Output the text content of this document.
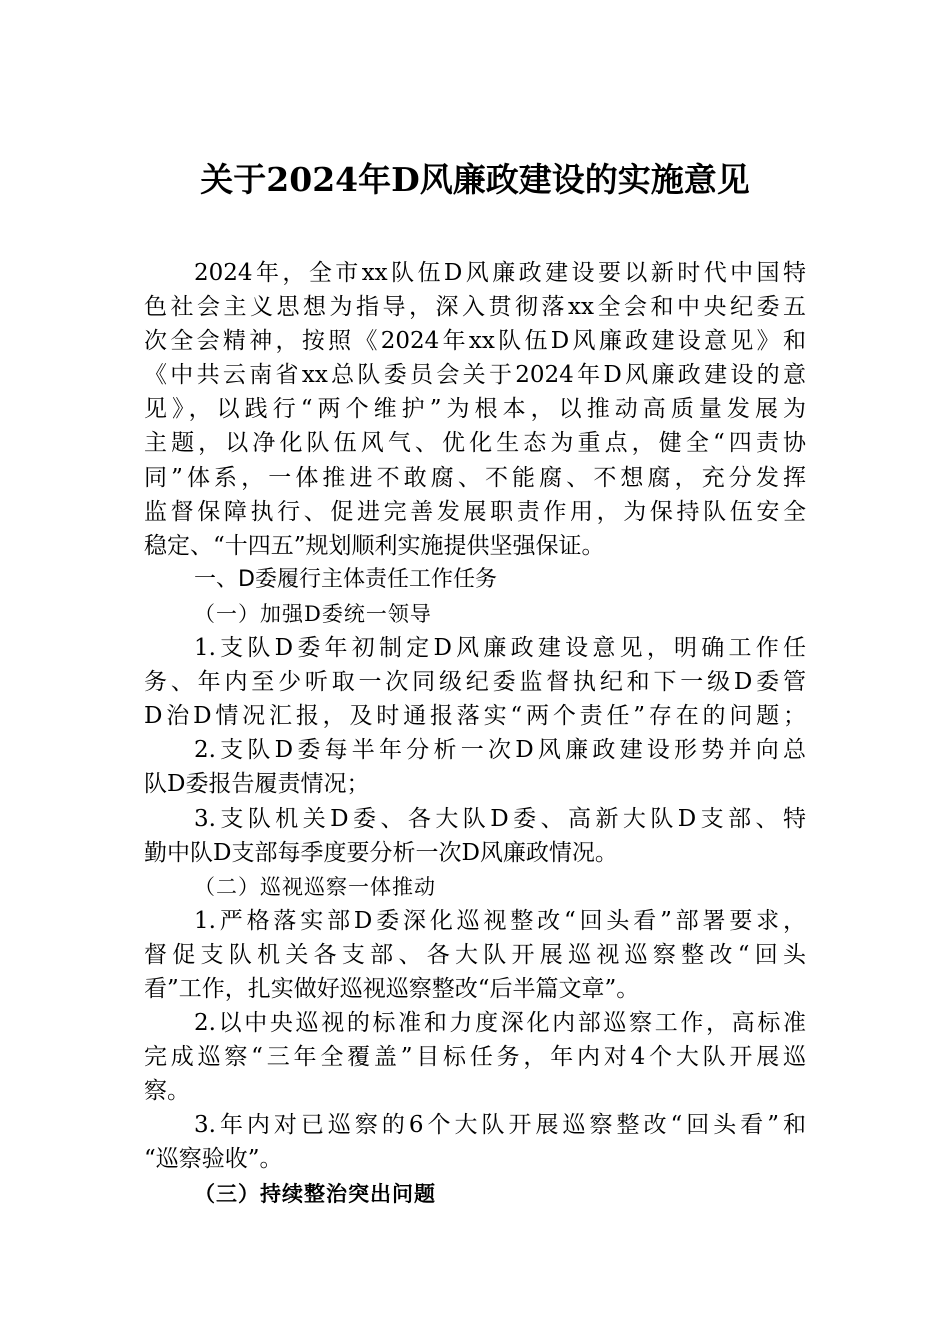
关于2024年D风廉政建设的实施意见
2024年，全市xx队伍D风廉政建设要以新时代中国特
色社会主义思想为指导，深入贯彻落xx全会和中央纪委五
次全会精神，按照《2024年xx队伍D风廉政建设意见》和
《中共云南省xx总队委员会关于2024年D风廉政建设的意
见》，以践行“两个维护”为根本，以推动高质量发展为
主题，以净化队伍风气、优化生态为重点，健全“四责协
同”体系，一体推进不敢腐、不能腐、不想腐，充分发挥
监督保障执行、促进完善发展职责作用，为保持队伍安全
稳定、“十四五”规划顺利实施提供坚强保证。
一、D委履行主体责任工作任务
（一）加强D委统一领导
1.支队D委年初制定D风廉政建设意见，明确工作任
务、年内至少听取一次同级纪委监督执纪和下一级D委管
D治D情况汇报，及时通报落实“两个责任”存在的问题；
2.支队D委每半年分析一次D风廉政建设形势并向总
队D委报告履责情况；
3.支队机关D委、各大队D委、高新大队D支部、特
勤中队D支部每季度要分析一次D风廉政情况。
（二）巡视巡察一体推动
1.严格落实部D委深化巡视整改“回头看”部署要求，
督促支队机关各支部、各大队开展巡视巡察整改“回头
看”工作，扎实做好巡视巡察整改“后半篇文章”。
2.以中央巡视的标准和力度深化内部巡察工作，高标准
完成巡察“三年全覆盖”目标任务，年内对4个大队开展巡
察。
3.年内对已巡察的6个大队开展巡察整改“回头看”和
“巡察验收”。
（三）持续整治突出问题
